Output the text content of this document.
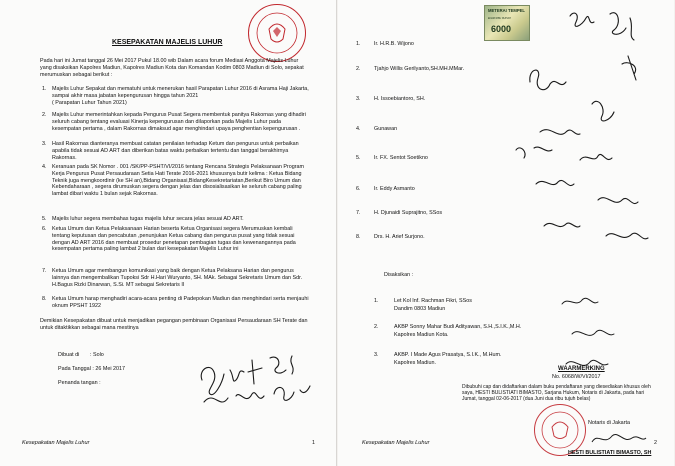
KESEPAKATAN MAJELIS LUHUR
Pada hari ini Jumat tanggal 26 Mei 2017 Pukul 18.00 wib Dalam acara forum Mediasi Anggota Majelis Luhur yang disaksikan Kapolres Madiun, Kapolres Madiun Kota dan Komandan Kodim 0803 Madiun di Solo, sepakat merumuskan sebagai berikut :
1. Majelis Luhur Sepakat dan mematuhi untuk menerukan hasil Parapatan Luhur 2016 di Asrama Haji Jakarta, sampai akhir masa jabatan kepengurusan hingga tahun 2021
( Parapatan Luhur Tahun 2021)
2. Majelis Luhur memerintahkan kepada Pengurus Pusat Segera membentuk panitya Rakornas yang dihadiri seluruh cabang tentang evaluasi Kinerja kepengurusan dan dilaporkan pada Majelis Luhur pada kesempatan pertama , dalam Rakornas dimaksud agar menghindari upaya penghentian kepengurusan .
3. Hasil Rakornas dianteranya membuat catatan penilaian terhadap Ketum dan pengurus untuk perbaikan apabila tidak sesuai AD ART dan diberikan batas waktu perbaikan tertentu dan tanggal berakhirnya Rakornas.
4. Keranuan pada SK Nomor . 001 /SK/PP-PSHT/VI/2016 tentang Rencana Strategis Pelaksanaan Program Kerja Pengurus Pusat Persaudaraan Setia Hati Terate 2016-2021 khususnya butir kelima : Ketua Bidang Teknik juga mengkoordinir (ke SH an),Bidang Organisasi,BidangKesekretariatan,Berikut Biro Umum dan Kebendaharaan , segera dirumuskan segera dengan jelas dan disosialisasikan ke seluruh cabang paling lambat dibari waktu 1 bulan sejak Rakornas.
5. Majelis luhur segera membahas tugas majelis luhur secara jelas sesuai AD ART.
6. Ketua Umum dan Ketua Pelaksanaan Harian beserta Ketua Organisasi segera Merumuskan kembali tentang keputusan dan pencabutan ,penunjukan Ketua cabang dan pengurus pusat yang tidak sesuai dengan AD ART 2016 dan membuat prosedur penetapan pembagian tugas dan kewenangannya pada kesempatan pertama paling lambat 2 bulan dari kesepakatan Majelis Luhur ini
7. Ketua Umum agar membangun komunikasi yang baik dengan Ketua Pelaksana Harian dan pengurus lainnya dan mengembalikan Tupoksi Sdr H.Hari Wuryanto, SH. MAk. Sebagai Sekretaris Umum dan Sdr. H.Bagus Rizki Dinarwan, S.Si. MT sebagai Sekretaris II
8. Ketua Umum harap menghadiri acara-acara penting di Padepokan Madiun dan menghindari serta menjauhi oknum PPSHT 1922
Demikian Kesepakatan dibuat untuk menjadikan pegangan pembinaan Organisasi Persaudaraan SH Terate dan untuk ditaktikkan sebagai mana mestinya
Dibuat di : Solo
Pada Tanggal : 26 Mei 2017
Penanda tangan :
Kesepakatan Majelis Luhur	1
METERAI TEMPEL
6000
ENAM RIBU RUPIAH
1.	Ir. H.R.B. Wijono
2.	Tjahjo Willis Gerilyanto,SH.MH.MMar.
3.	H. Issoebiantoro, SH.
4.	Gunawan
5.	Ir. FX. Sentot Soetikno
6.	Ir. Eddy Asmanto
7.	H. Djunaidi Suprajitno, SSos
8.	Drs. H. Arief Surjono.
Disaksikan :
1.	Let Kol Inf. Rachman Fikri, SSos
Dandim 0803 Madiun
2.	AKBP Sonny Mahar Budi Adityawan, S.H.,S.I.K.,M.H.
Kapolres Madiun Kota.
3.	AKBP. I Made Agus Prasatya, S.I.K., M.Hum.
Kapolres Madiun.
WAARMERKING
No. 6068/W/VI/2017
Dibubuhi cap dan didaftarkan dalam buku pendaftaran yang diesediakan khusus oleh saya, HESTI BULISTIATI BIMASTO, Sarjana Hukum, Notaris di Jakarta, pada hari Jumat, tanggal 02-06-2017 (dua Juni dua ribu tujuh belas)
Notaris di Jakarta
HESTI BULISTIATI BIMASTO, SH
Kesepakatan Majelis Luhur	2
